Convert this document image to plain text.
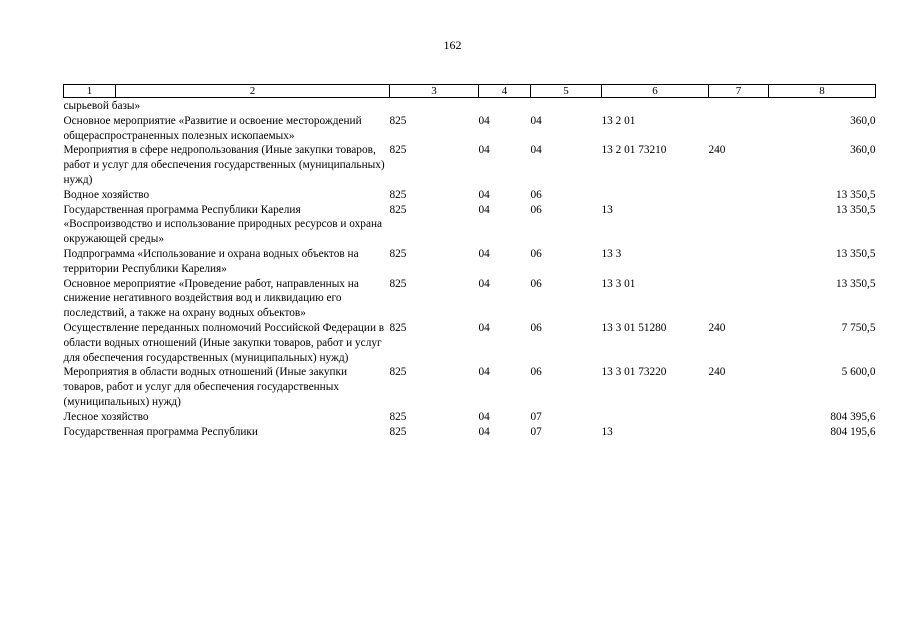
162
1	2	3	4	5	6	7	8
сырьевой базы»							
Основное мероприятие «Развитие и освоение месторождений общераспространенных полезных ископаемых»		825	04	04	13 2 01		360,0
Мероприятия в сфере недропользования (Иные закупки товаров, работ и услуг для обеспечения государственных (муниципальных) нужд)		825	04	04	13 2 01 73210	240	360,0
Водное хозяйство		825	04	06			13 350,5
Государственная программа Республики Карелия «Воспроизводство и использование природных ресурсов и охрана окружающей среды»		825	04	06	13		13 350,5
Подпрограмма «Использование и охрана водных объектов на территории Республики Карелия»		825	04	06	13 3		13 350,5
Основное мероприятие «Проведение работ, направленных на снижение негативного воздействия вод и ликвидацию его последствий, а также на охрану водных объектов»		825	04	06	13 3 01		13 350,5
Осуществление переданных полномочий Российской Федерации в области водных отношений (Иные закупки товаров, работ и услуг для обеспечения государственных (муниципальных) нужд)		825	04	06	13 3 01 51280	240	7 750,5
Мероприятия в области водных отношений (Иные закупки товаров, работ и услуг для обеспечения государственных (муниципальных) нужд)		825	04	06	13 3 01 73220	240	5 600,0
Лесное хозяйство		825	04	07			804 395,6
Государственная программа Республики		825	04	07	13		804 195,6
